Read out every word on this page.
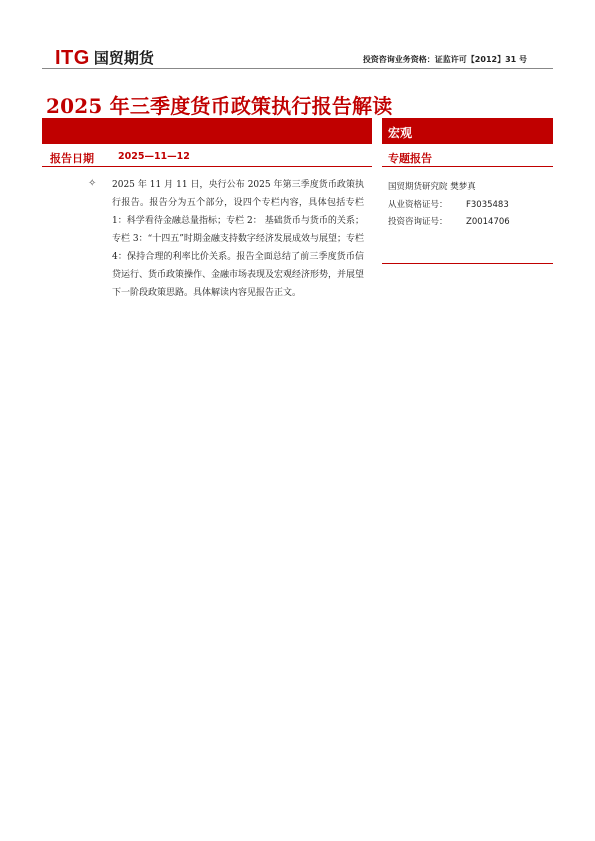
ITG 国贸期货	投资咨询业务资格：证监许可【2012】31 号
2025 年三季度货币政策执行报告解读
宏观
报告日期	2025—11—12	专题报告
✧ 2025 年 11 月 11 日，央行公布 2025 年第三季度货币政策执行报告。报告分为五个部分，设四个专栏内容，具体包括专栏 1：科学看待金融总量指标；专栏 2： 基础货币与货币的关系；专栏 3：“十四五”时期金融支持数字经济发展成效与展望；专栏 4：保持合理的利率比价关系。报告全面总结了前三季度货币信贷运行、货币政策操作、金融市场表现及宏观经济形势，并展望下一阶段政策思路。具体解读内容见报告正文。
国贸期货研究院 樊梦真
从业资格证号： F3035483
投资咨询证号： Z0014706
